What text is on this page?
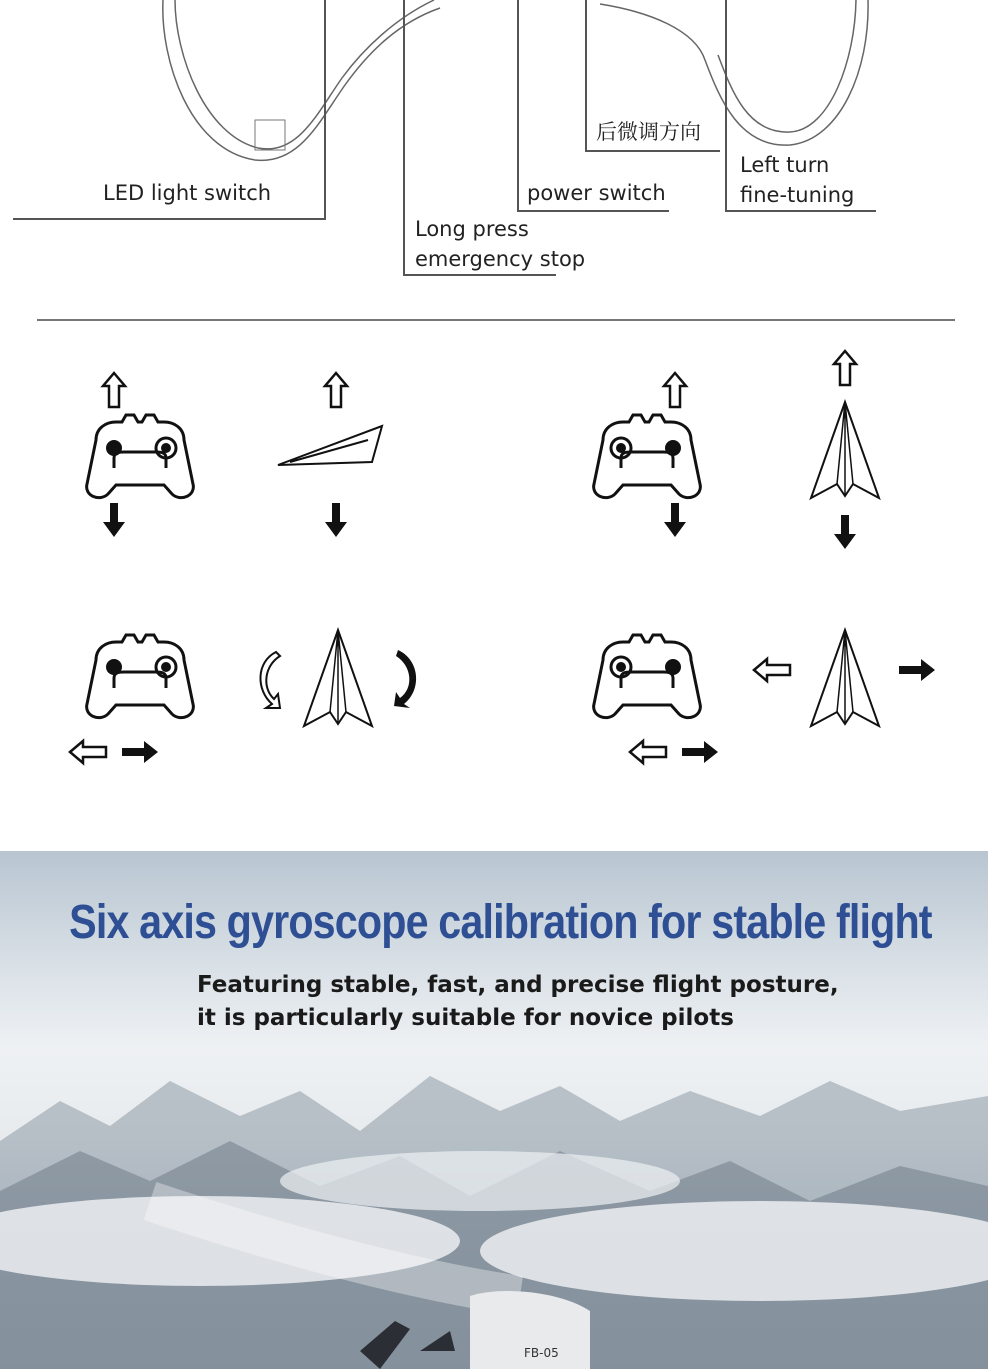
LED light switch
Long press
emergency stop
power switch
后微调方向
Left turn
fine-tuning
FB-05
Six axis gyroscope calibration for stable flight
Featuring stable, fast, and precise flight posture,
it is particularly suitable for novice pilots
